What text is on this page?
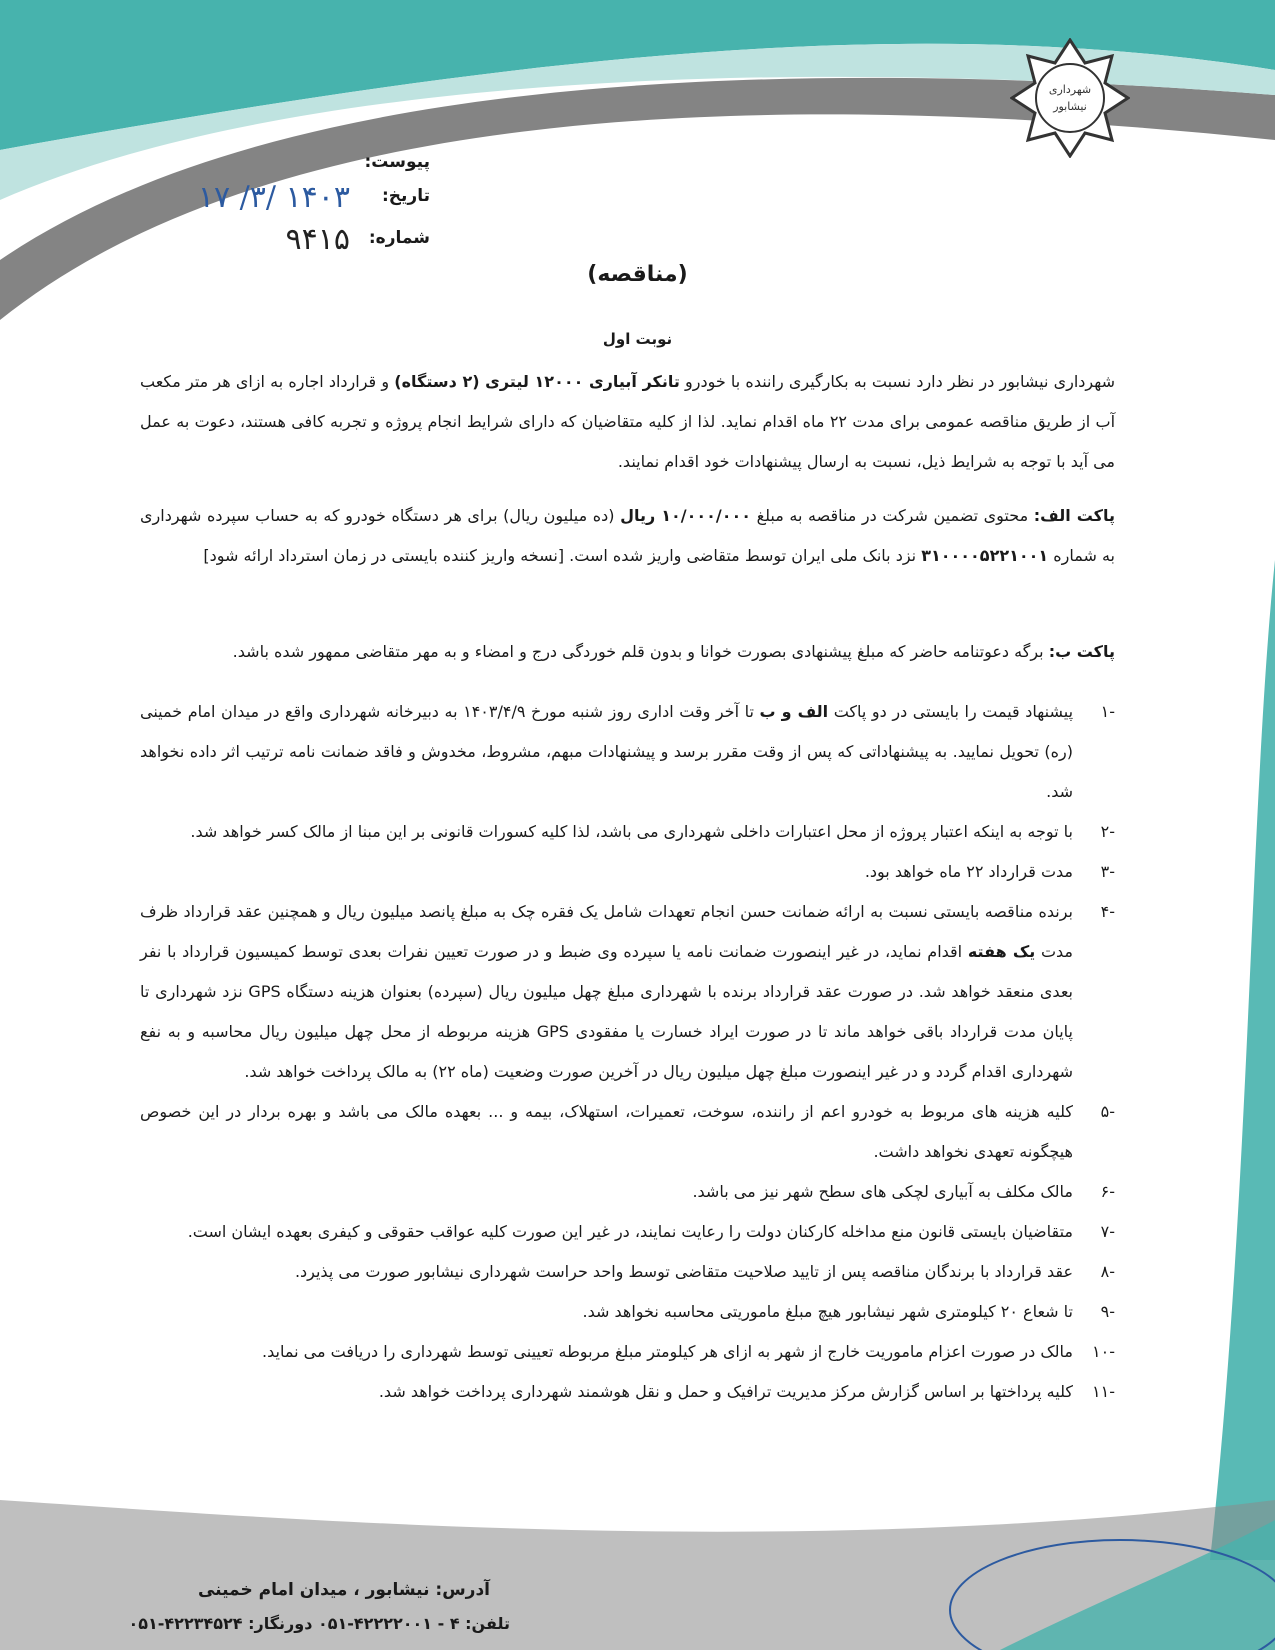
شهرداری
نیشابور
پیوست:
تاریخ:
۱۴۰۳ /۳/ ۱۷
شماره:
۹۴۱۵
(مناقصه)
نوبت اول

شهرداری نیشابور در نظر دارد نسبت به بکارگیری راننده با خودرو تانکر آبیاری ۱۲۰۰۰ لیتری (۲ دستگاه) و قرارداد اجاره به ازای هر متر مکعب آب از طریق مناقصه عمومی برای مدت ۲۲ ماه اقدام نماید. لذا از کلیه متقاضیان که دارای شرایط انجام پروژه و تجربه کافی هستند، دعوت به عمل می آید با توجه به شرایط ذیل، نسبت به ارسال پیشنهادات خود اقدام نمایند.

پاکت الف: محتوی تضمین شرکت در مناقصه به مبلغ ۱۰/۰۰۰/۰۰۰ ریال (ده میلیون ریال) برای هر دستگاه خودرو که به حساب سپرده شهرداری به شماره ۳۱۰۰۰۰۵۲۲۱۰۰۱ نزد بانک ملی ایران توسط متقاضی واریز شده است. [نسخه واریز کننده بایستی در زمان استرداد ارائه شود]

پاکت ب: برگه دعوتنامه حاضر که مبلغ پیشنهادی بصورت خوانا و بدون قلم خوردگی درج و امضاء و به مهر متقاضی ممهور شده باشد.

-۱
پیشنهاد قیمت را بایستی در دو پاکت الف و ب تا آخر وقت اداری روز شنبه مورخ ۱۴۰۳/۴/۹ به دبیرخانه شهرداری واقع در میدان امام خمینی (ره) تحویل نمایید. به پیشنهاداتی که پس از وقت مقرر برسد و پیشنهادات مبهم، مشروط، مخدوش و فاقد ضمانت نامه ترتیب اثر داده نخواهد شد.
-۲
با توجه به اینکه اعتبار پروژه از محل اعتبارات داخلی شهرداری می باشد، لذا کلیه کسورات قانونی بر این مبنا از مالک کسر خواهد شد.
-۳
مدت قرارداد ۲۲ ماه خواهد بود.
-۴
برنده مناقصه بایستی نسبت به ارائه ضمانت حسن انجام تعهدات شامل یک فقره چک به مبلغ پانصد میلیون ریال و همچنین عقد قرارداد ظرف مدت یک هفته اقدام نماید، در غیر اینصورت ضمانت نامه یا سپرده وی ضبط و در صورت تعیین نفرات بعدی توسط کمیسیون قرارداد با نفر بعدی منعقد خواهد شد. در صورت عقد قرارداد برنده با شهرداری مبلغ چهل میلیون ریال (سپرده) بعنوان هزینه دستگاه GPS نزد شهرداری تا پایان مدت قرارداد باقی خواهد ماند تا در صورت ایراد خسارت یا مفقودی GPS هزینه مربوطه از محل چهل میلیون ریال محاسبه و به نفع شهرداری اقدام گردد و در غیر اینصورت مبلغ چهل میلیون ریال در آخرین صورت وضعیت (ماه ۲۲) به مالک پرداخت خواهد شد.
-۵
کلیه هزینه های مربوط به خودرو اعم از راننده، سوخت، تعمیرات، استهلاک، بیمه و ... بعهده مالک می باشد و بهره بردار در این خصوص هیچگونه تعهدی نخواهد داشت.
-۶
مالک مکلف به آبیاری لچکی های سطح شهر نیز می باشد.
-۷
متقاضیان بایستی قانون منع مداخله کارکنان دولت را رعایت نمایند، در غیر این صورت کلیه عواقب حقوقی و کیفری بعهده ایشان است.
-۸
عقد قرارداد با برندگان مناقصه پس از تایید صلاحیت متقاضی توسط واحد حراست شهرداری نیشابور صورت می پذیرد.
-۹
تا شعاع ۲۰ کیلومتری شهر نیشابور هیچ مبلغ ماموریتی محاسبه نخواهد شد.
-۱۰
مالک در صورت اعزام ماموریت خارج از شهر به ازای هر کیلومتر مبلغ مربوطه تعیینی توسط شهرداری را دریافت می نماید.
-۱۱
کلیه پرداختها بر اساس گزارش مرکز مدیریت ترافیک و حمل و نقل هوشمند شهرداری پرداخت خواهد شد.
آدرس: نیشابور ، میدان امام خمینی
تلفن: ۴ - ۴۲۲۲۲۰۰۱-۰۵۱ دورنگار: ۴۲۲۳۴۵۲۴-۰۵۱
